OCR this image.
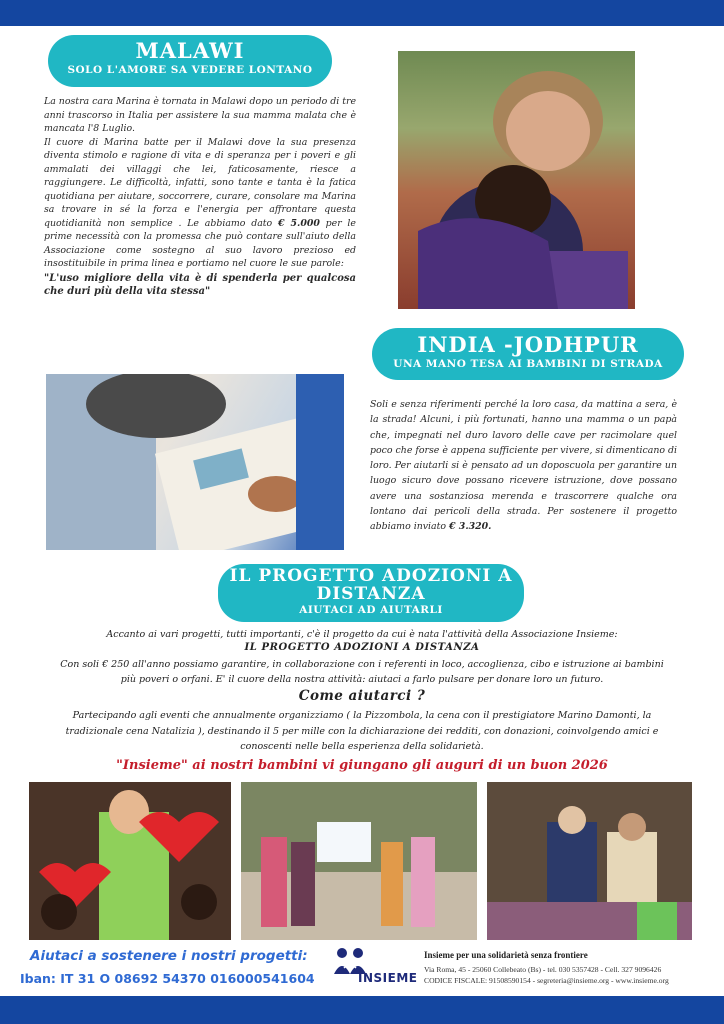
MALAWI
SOLO L'AMORE SA VEDERE LONTANO
La nostra cara Marina è tornata in Malawi dopo un periodo di tre anni trascorso in Italia per assistere la sua mamma malata che è mancata l'8 Luglio.
Il cuore di Marina batte per il Malawi dove la sua presenza diventa stimolo e ragione di vita e di speranza per i poveri e gli ammalati dei villaggi che lei, faticosamente, riesce a raggiungere. Le difficoltà, infatti, sono tante e tanta è la fatica quotidiana per aiutare, soccorrere, curare, consolare ma Marina sa trovare in sé la forza e l'energia per affrontare questa quotidianità non semplice . Le abbiamo dato € 5.000 per le prime necessità con la promessa che può contare sull'aiuto della Associazione come sostegno al suo lavoro prezioso ed insostituibile in prima linea e portiamo nel cuore le sue parole:
"L'uso migliore della vita è di spenderla per qualcosa che duri più della vita stessa"
INDIA -JODHPUR
UNA MANO TESA AI BAMBINI DI STRADA
Soli e senza riferimenti perché la loro casa, da mattina a sera, è la strada! Alcuni, i più fortunati, hanno una mamma o un papà che, impegnati nel duro lavoro delle cave per racimolare quel poco che forse è appena sufficiente per vivere, si dimenticano di loro. Per aiutarli si è pensato ad un doposcuola per garantire un luogo sicuro dove possano ricevere istruzione, dove possano avere una sostanziosa merenda e trascorrere qualche ora lontano dai pericoli della strada. Per sostenere il progetto abbiamo inviato € 3.320.
IL PROGETTO ADOZIONI A DISTANZA
AIUTACI AD AIUTARLI
Accanto ai vari progetti, tutti importanti, c'è il progetto da cui è nata l'attività della Associazione Insieme:
IL PROGETTO ADOZIONI A DISTANZA
Con soli € 250 all'anno possiamo garantire, in collaborazione con i referenti in loco, accoglienza, cibo e istruzione ai bambini più poveri o orfani. E' il cuore della nostra attività: aiutaci a farlo pulsare per donare loro un futuro.
Come aiutarci ?
Partecipando agli eventi che annualmente organizziamo ( la Pizzombola, la cena con il prestigiatore Marino Damonti, la tradizionale cena Natalizia ), destinando il 5 per mille con la dichiarazione dei redditi, con donazioni, coinvolgendo amici e conoscenti nelle bella esperienza della solidarietà.
"Insieme" ai nostri bambini vi giungano gli auguri di un buon 2026
Aiutaci a sostenere i nostri progetti:
Iban: IT 31 O 08692 54370 016000541604	INSIEME
Insieme per una solidarietà senza frontiere
Via Roma, 45 - 25060 Collebeato (Bs) - tel. 030 5357428 - Cell. 327 9096426
CODICE FISCALE: 91508590154 - segreteria@insieme.org - www.insieme.org
